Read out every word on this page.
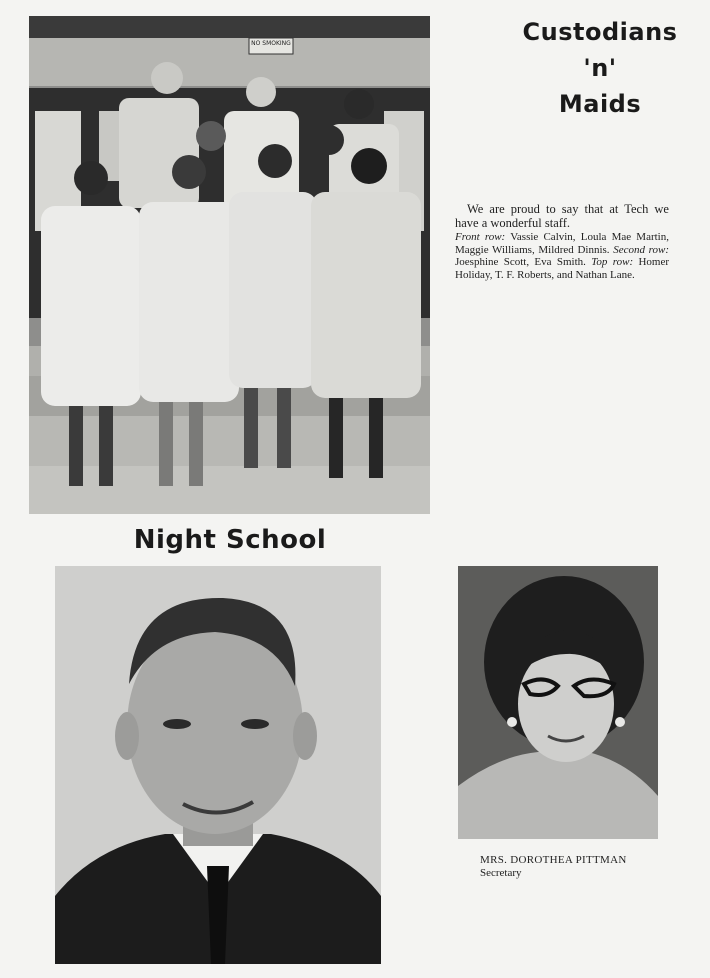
Custodians
'n'
Maids

We are proud to say that at Tech we have a wonderful staff.

Front row: Vassie Calvin, Loula Mae Martin, Maggie Williams, Mildred Dinnis. Second row: Joesphine Scott, Eva Smith. Top row: Homer Holiday, T. F. Roberts, and Nathan Lane.

Night School
MRS. DOROTHEA PITTMAN
Secretary
NO SMOKING
